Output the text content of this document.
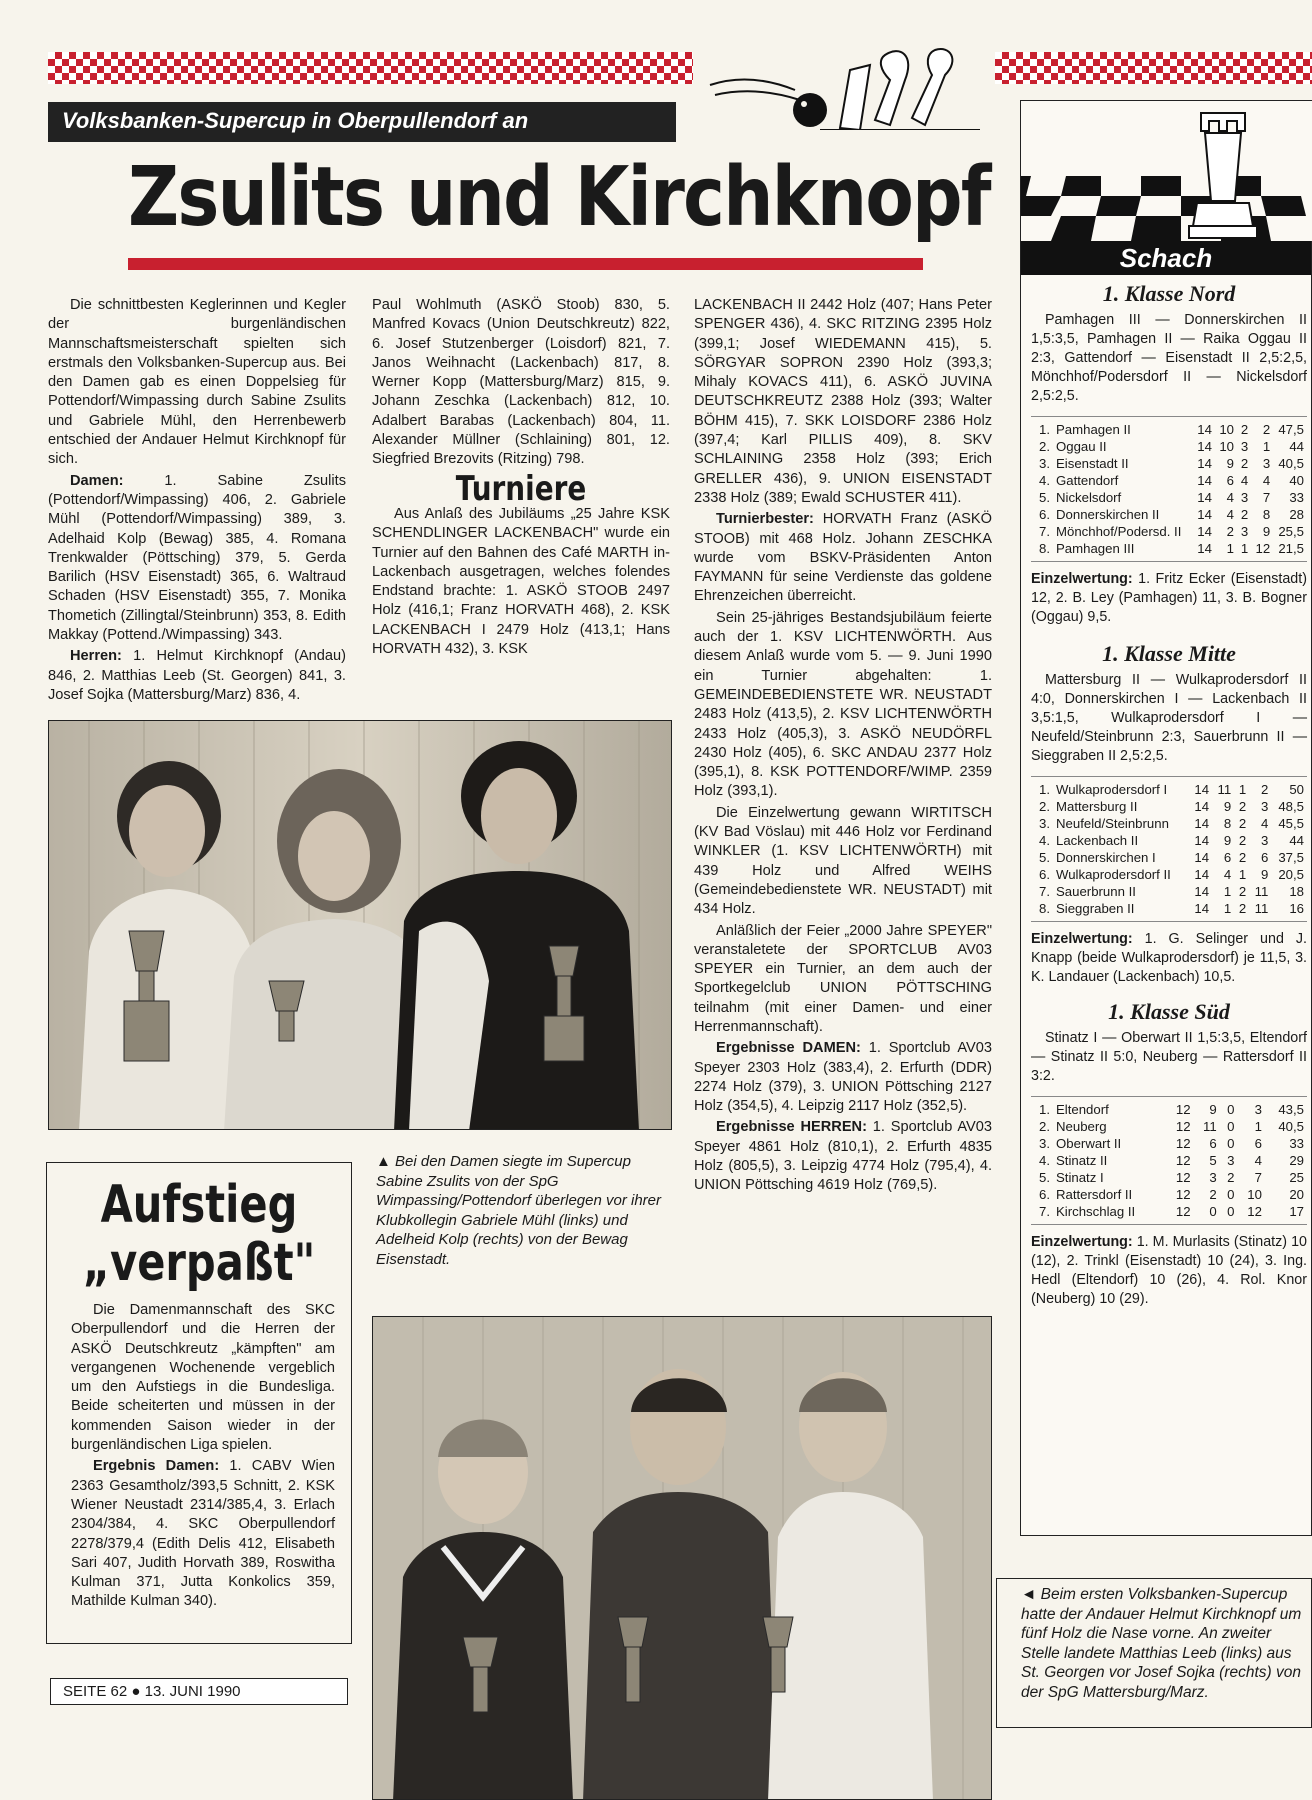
Volksbanken-Supercup in Oberpullendorf an
Zsulits und Kirchknopf

Die schnittbesten Keglerinnen und Kegler der burgenländischen Mannschaftsmeisterschaft spielten sich erstmals den Volksbanken-Supercup aus. Bei den Damen gab es einen Doppelsieg für Pottendorf/Wimpassing durch Sabine Zsulits und Gabriele Mühl, den Herrenbewerb entschied der Andauer Helmut Kirchknopf für sich.

Damen: 1. Sabine Zsulits (Pottendorf/Wimpassing) 406, 2. Gabriele Mühl (Pottendorf/Wimpassing) 389, 3. Adelhaid Kolp (Bewag) 385, 4. Romana Trenkwalder (Pöttsching) 379, 5. Gerda Barilich (HSV Eisenstadt) 365, 6. Waltraud Schaden (HSV Eisenstadt) 355, 7. Monika Thometich (Zillingtal/Steinbrunn) 353, 8. Edith Makkay (Pottend./Wimpassing) 343.

Herren: 1. Helmut Kirchknopf (Andau) 846, 2. Matthias Leeb (St. Georgen) 841, 3. Josef Sojka (Mattersburg/Marz) 836, 4.

Paul Wohlmuth (ASKÖ Stoob) 830, 5. Manfred Kovacs (Union Deutschkreutz) 822, 6. Josef Stutzenberger (Loisdorf) 821, 7. Janos Weihnacht (Lackenbach) 817, 8. Werner Kopp (Mattersburg/Marz) 815, 9. Johann Zeschka (Lackenbach) 812, 10. Adalbert Barabas (Lackenbach) 804, 11. Alexander Müllner (Schlaining) 801, 12. Siegfried Brezovits (Ritzing) 798.

Turniere

Aus Anlaß des Jubiläums „25 Jahre KSK SCHENDLINGER LACKENBACH" wurde ein Turnier auf den Bahnen des Café MARTH in-Lackenbach ausgetragen, welches folendes Endstand brachte: 1. ASKÖ STOOB 2497 Holz (416,1; Franz HORVATH 468), 2. KSK LACKENBACH I 2479 Holz (413,1; Hans HORVATH 432), 3. KSK

LACKENBACH II 2442 Holz (407; Hans Peter SPENGER 436), 4. SKC RITZING 2395 Holz (399,1; Josef WIEDEMANN 415), 5. SÖRGYAR SOPRON 2390 Holz (393,3; Mihaly KOVACS 411), 6. ASKÖ JUVINA DEUTSCHKREUTZ 2388 Holz (393; Walter BÖHM 415), 7. SKK LOISDORF 2386 Holz (397,4; Karl PILLIS 409), 8. SKV SCHLAINING 2358 Holz (393; Erich GRELLER 436), 9. UNION EISENSTADT 2338 Holz (389; Ewald SCHUSTER 411).

Turnierbester: HORVATH Franz (ASKÖ STOOB) mit 468 Holz. Johann ZESCHKA wurde vom BSKV-Präsidenten Anton FAYMANN für seine Verdienste das goldene Ehrenzeichen überreicht.

Sein 25-jähriges Bestandsjubiläum feierte auch der 1. KSV LICHTENWÖRTH. Aus diesem Anlaß wurde vom 5. — 9. Juni 1990 ein Turnier abgehalten: 1. GEMEINDEBEDIENSTETE WR. NEUSTADT 2483 Holz (413,5), 2. KSV LICHTENWÖRTH 2433 Holz (405,3), 3. ASKÖ NEUDÖRFL 2430 Holz (405), 6. SKC ANDAU 2377 Holz (395,1), 8. KSK POTTENDORF/WIMP. 2359 Holz (393,1).

Die Einzelwertung gewann WIRTITSCH (KV Bad Vöslau) mit 446 Holz vor Ferdinand WINKLER (1. KSV LICHTENWÖRTH) mit 439 Holz und Alfred WEIHS (Gemeindebedienstete WR. NEUSTADT) mit 434 Holz.

Anläßlich der Feier „2000 Jahre SPEYER" veranstaletete der SPORTCLUB AV03 SPEYER ein Turnier, an dem auch der Sportkegelclub UNION PÖTTSCHING teilnahm (mit einer Damen- und einer Herrenmannschaft).

Ergebnisse DAMEN: 1. Sportclub AV03 Speyer 2303 Holz (383,4), 2. Erfurth (DDR) 2274 Holz (379), 3. UNION Pöttsching 2127 Holz (354,5), 4. Leipzig 2117 Holz (352,5).

Ergebnisse HERREN: 1. Sportclub AV03 Speyer 4861 Holz (810,1), 2. Erfurth 4835 Holz (805,5), 3. Leipzig 4774 Holz (795,4), 4. UNION Pöttsching 4619 Holz (769,5).

▲ Bei den Damen siegte im Supercup Sabine Zsulits von der SpG Wimpassing/Pottendorf überlegen vor ihrer Klubkollegin Gabriele Mühl (links) und Adelheid Kolp (rechts) von der Bewag Eisenstadt.
Aufstieg
„verpaßt"

Die Damenmannschaft des SKC Oberpullendorf und die Herren der ASKÖ Deutschkreutz „kämpften" am vergangenen Wochenende vergeblich um den Aufstiegs in die Bundesliga. Beide scheiterten und müssen in der kommenden Saison wieder in der burgenländischen Liga spielen.

Ergebnis Damen: 1. CABV Wien 2363 Gesamtholz/393,5 Schnitt, 2. KSK Wiener Neustadt 2314/385,4, 3. Erlach 2304/384, 4. SKC Oberpullendorf 2278/379,4 (Edith Delis 412, Elisabeth Sari 407, Judith Horvath 389, Roswitha Kulman 371, Jutta Konkolics 359, Mathilde Kulman 340).

SEITE 62 ● 13. JUNI 1990
◄ Beim ersten Volksbanken-Supercup hatte der Andauer Helmut Kirchknopf um fünf Holz die Nase vorne. An zweiter Stelle landete Matthias Leeb (links) aus St. Georgen vor Josef Sojka (rechts) von der SpG Mattersburg/Marz.
Schach
1. Klasse Nord
Pamhagen III — Donnerskirchen II 1,5:3,5, Pamhagen II — Raika Oggau II 2:3, Gattendorf — Eisenstadt II 2,5:2,5, Mönchhof/Podersdorf II — Nickelsdorf 2,5:2,5.
1.	Pamhagen II	14	10	2	2	47,5
2.	Oggau II	14	10	3	1	44
3.	Eisenstadt II	14	9	2	3	40,5
4.	Gattendorf	14	6	4	4	40
5.	Nickelsdorf	14	4	3	7	33
6.	Donnerskirchen II	14	4	2	8	28
7.	Mönchhof/Podersd. II	14	2	3	9	25,5
8.	Pamhagen III	14	1	1	12	21,5
Einzelwertung: 1. Fritz Ecker (Eisenstadt) 12, 2. B. Ley (Pamhagen) 11, 3. B. Bogner (Oggau) 9,5.
1. Klasse Mitte
Mattersburg II — Wulkaprodersdorf II 4:0, Donnerskirchen I — Lackenbach II 3,5:1,5, Wulkaprodersdorf I — Neufeld/Steinbrunn 2:3, Sauerbrunn II — Sieggraben II 2,5:2,5.
1.	Wulkaprodersdorf I	14	11	1	2	50
2.	Mattersburg II	14	9	2	3	48,5
3.	Neufeld/Steinbrunn	14	8	2	4	45,5
4.	Lackenbach II	14	9	2	3	44
5.	Donnerskirchen I	14	6	2	6	37,5
6.	Wulkaprodersdorf II	14	4	1	9	20,5
7.	Sauerbrunn II	14	1	2	11	18
8.	Sieggraben II	14	1	2	11	16
Einzelwertung: 1. G. Selinger und J. Knapp (beide Wulkaprodersdorf) je 11,5, 3. K. Landauer (Lackenbach) 10,5.
1. Klasse Süd
Stinatz I — Oberwart II 1,5:3,5, Eltendorf — Stinatz II 5:0, Neuberg — Rattersdorf II 3:2.
1.	Eltendorf	12	9	0	3	43,5
2.	Neuberg	12	11	0	1	40,5
3.	Oberwart II	12	6	0	6	33
4.	Stinatz II	12	5	3	4	29
5.	Stinatz I	12	3	2	7	25
6.	Rattersdorf II	12	2	0	10	20
7.	Kirchschlag II	12	0	0	12	17
Einzelwertung: 1. M. Murlasits (Stinatz) 10 (12), 2. Trinkl (Eisenstadt) 10 (24), 3. Ing. Hedl (Eltendorf) 10 (26), 4. Rol. Knor (Neuberg) 10 (29).
